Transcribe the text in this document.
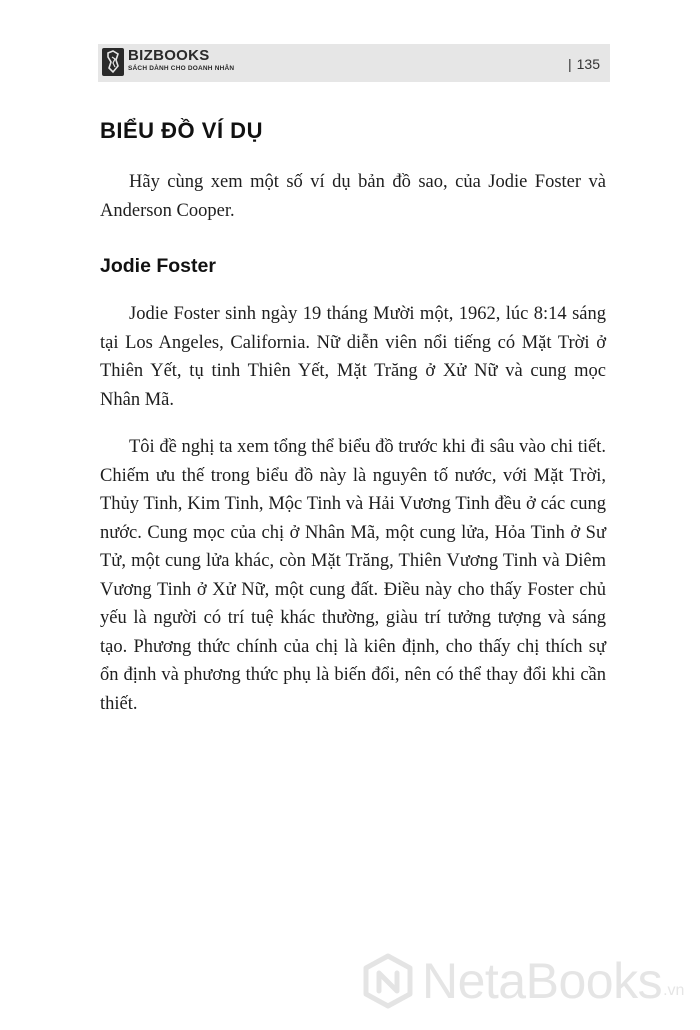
BIZBOOKS
SÁCH DÀNH CHO DOANH NHÂN	| 135
BIỂU ĐỒ VÍ DỤ

Hãy cùng xem một số ví dụ bản đồ sao, của Jodie Foster và Anderson Cooper.

Jodie Foster

Jodie Foster sinh ngày 19 tháng Mười một, 1962, lúc 8:14 sáng tại Los Angeles, California. Nữ diễn viên nổi tiếng có Mặt Trời ở Thiên Yết, tụ tinh Thiên Yết, Mặt Trăng ở Xử Nữ và cung mọc Nhân Mã.

Tôi đề nghị ta xem tổng thể biểu đồ trước khi đi sâu vào chi tiết. Chiếm ưu thế trong biểu đồ này là nguyên tố nước, với Mặt Trời, Thủy Tinh, Kim Tinh, Mộc Tinh và Hải Vương Tinh đều ở các cung nước. Cung mọc của chị ở Nhân Mã, một cung lửa, Hỏa Tinh ở Sư Tử, một cung lửa khác, còn Mặt Trăng, Thiên Vương Tinh và Diêm Vương Tinh ở Xử Nữ, một cung đất. Điều này cho thấy Foster chủ yếu là người có trí tuệ khác thường, giàu trí tưởng tượng và sáng tạo. Phương thức chính của chị là kiên định, cho thấy chị thích sự ổn định và phương thức phụ là biến đổi, nên có thể thay đổi khi cần thiết.

NetaBooks .vn
